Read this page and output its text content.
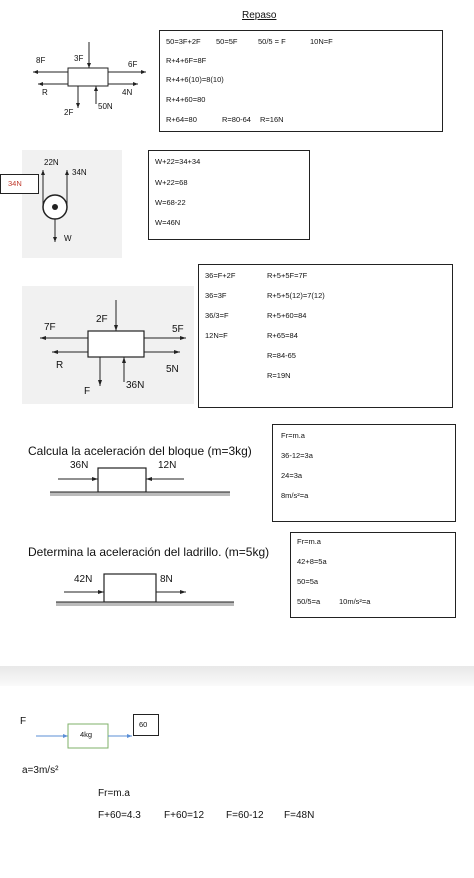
Repaso
8F	3F
6F
R	4N
50N
2F
50=3F+2F 50=5F	50/5 = F	10N=F
R+4+6F=8F
R+4+6(10)=8(10)
R+4+60=80
R+64=80	R=80-64 R=16N
22N
34N
W
34N
W+22=34+34
W+22=68
W=68-22
W=46N
7F
2F
5F
R	5N
F
36N
36=F+2F
36=3F
36/3=F
12N=F
R+5+5F=7F
R+5+5(12)=7(12)
R+5+60=84
R+65=84
R=84-65
R=19N
Calcula la aceleración del bloque (m=3kg)
36N	12N
Fr=m.a
36-12=3a
24=3a
8m/s²=a
Determina la aceleración del ladrillo. (m=5kg)
42N	8N
Fr=m.a
42+8=5a
50=5a
50/5=a	10m/s²=a
F
4kg
60
a=3m/s²
Fr=m.a
F+60=4.3 F+60=12 F=60-12 F=48N
